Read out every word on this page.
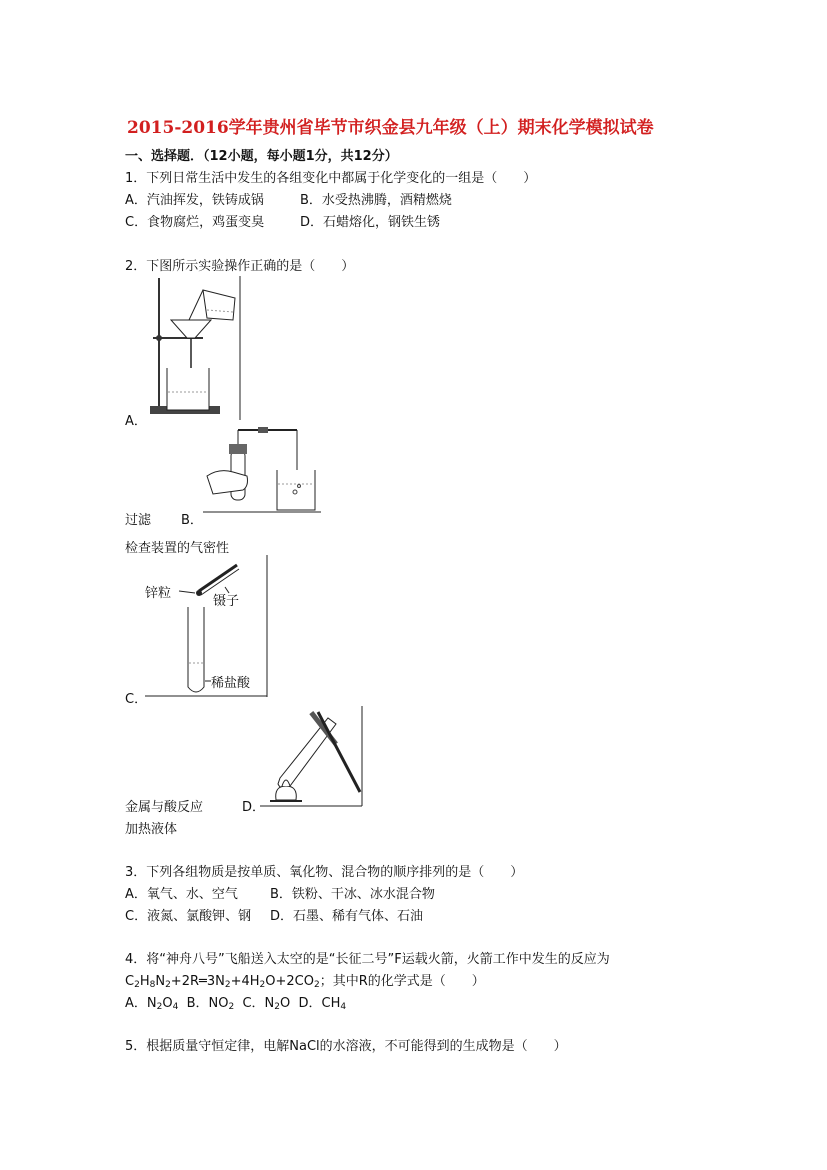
2015-2016学年贵州省毕节市织金县九年级（上）期末化学模拟试卷
一、选择题．（12小题，每小题1分，共12分）
1．下列日常生活中发生的各组变化中都属于化学变化的一组是（　　）
A．汽油挥发，铁铸成锅	B．水受热沸腾，酒精燃烧
C．食物腐烂，鸡蛋变臭	D．石蜡熔化，钢铁生锈
2．下图所示实验操作正确的是（　　）
A．
过滤 B．
检查装置的气密性
锌粒
镊子
稀盐酸
C．
金属与酸反应	D．
加热液体
3．下列各组物质是按单质、氧化物、混合物的顺序排列的是（　　）
A．氧气、水、空气 B．铁粉、干冰、冰水混合物
C．液氮、氯酸钾、钢 D．石墨、稀有气体、石油
4．将“神舟八号”飞船送入太空的是“长征二号”F运载火箭，火箭工作中发生的反应为
$C_2H_8N_2+2R═3N_2+4H_2O+2CO_2$；其中R的化学式是（　　）
A．$N_2O_4$ B．$NO_2$ C．$N_2O$ D．$CH_4$
5．根据质量守恒定律，电解NaCl的水溶液，不可能得到的生成物是（　　）
